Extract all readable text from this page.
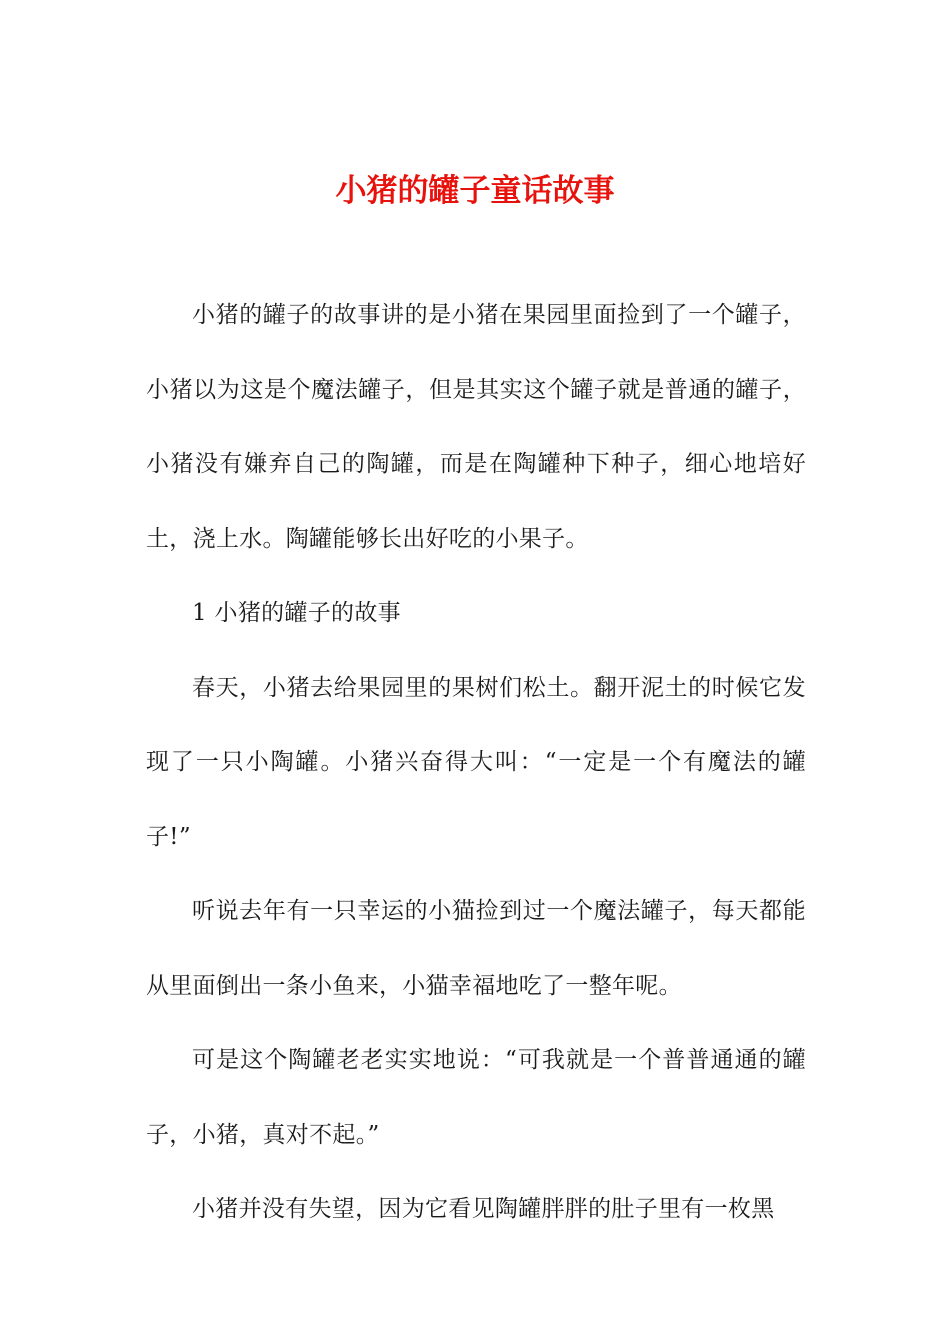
小猪的罐子童话故事

小猪的罐子的故事讲的是小猪在果园里面捡到了一个罐子，小猪以为这是个魔法罐子，但是其实这个罐子就是普通的罐子，小猪没有嫌弃自己的陶罐，而是在陶罐种下种子，细心地培好土，浇上水。陶罐能够长出好吃的小果子。

1 小猪的罐子的故事

春天，小猪去给果园里的果树们松土。翻开泥土的时候它发现了一只小陶罐。小猪兴奋得大叫：“一定是一个有魔法的罐子!”

听说去年有一只幸运的小猫捡到过一个魔法罐子，每天都能从里面倒出一条小鱼来，小猫幸福地吃了一整年呢。

可是这个陶罐老老实实地说：“可我就是一个普普通通的罐子，小猪，真对不起。”

小猪并没有失望，因为它看见陶罐胖胖的肚子里有一枚黑
